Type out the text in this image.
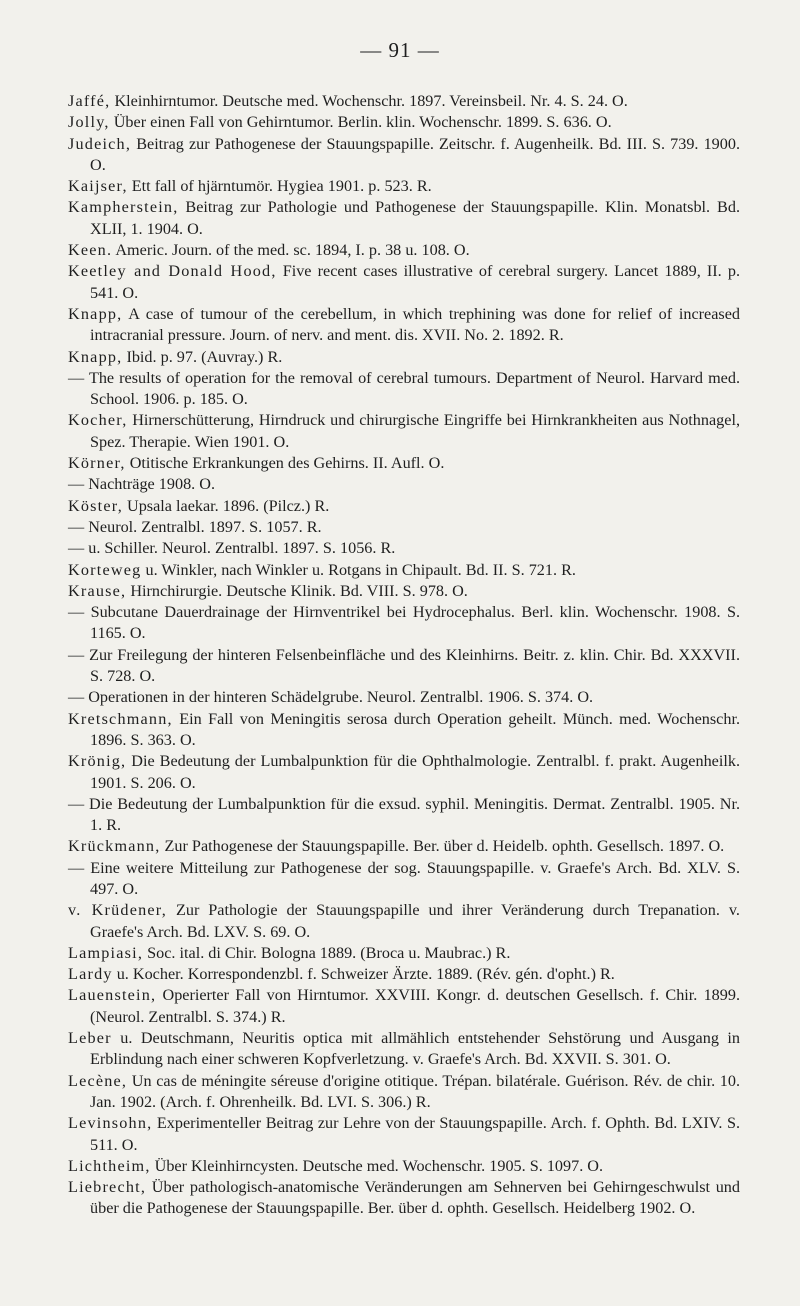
— 91 —

Jaffé, Kleinhirntumor. Deutsche med. Wochenschr. 1897. Vereinsbeil. Nr. 4. S. 24. O.

Jolly, Über einen Fall von Gehirntumor. Berlin. klin. Wochenschr. 1899. S. 636. O.

Judeich, Beitrag zur Pathogenese der Stauungspapille. Zeitschr. f. Augenheilk. Bd. III. S. 739. 1900. O.

Kaijser, Ett fall of hjärntumör. Hygiea 1901. p. 523. R.

Kampherstein, Beitrag zur Pathologie und Pathogenese der Stauungspapille. Klin. Monatsbl. Bd. XLII, 1. 1904. O.

Keen. Americ. Journ. of the med. sc. 1894, I. p. 38 u. 108. O.

Keetley and Donald Hood, Five recent cases illustrative of cerebral surgery. Lancet 1889, II. p. 541. O.

Knapp, A case of tumour of the cerebellum, in which trephining was done for relief of increased intracranial pressure. Journ. of nerv. and ment. dis. XVII. No. 2. 1892. R.

Knapp, Ibid. p. 97. (Auvray.) R.

— The results of operation for the removal of cerebral tumours. Department of Neurol. Harvard med. School. 1906. p. 185. O.

Kocher, Hirnerschütterung, Hirndruck und chirurgische Eingriffe bei Hirnkrankheiten aus Nothnagel, Spez. Therapie. Wien 1901. O.

Körner, Otitische Erkrankungen des Gehirns. II. Aufl. O.

— Nachträge 1908. O.

Köster, Upsala laekar. 1896. (Pilcz.) R.

— Neurol. Zentralbl. 1897. S. 1057. R.

— u. Schiller. Neurol. Zentralbl. 1897. S. 1056. R.

Korteweg u. Winkler, nach Winkler u. Rotgans in Chipault. Bd. II. S. 721. R.

Krause, Hirnchirurgie. Deutsche Klinik. Bd. VIII. S. 978. O.

— Subcutane Dauerdrainage der Hirnventrikel bei Hydrocephalus. Berl. klin. Wochenschr. 1908. S. 1165. O.

— Zur Freilegung der hinteren Felsenbeinfläche und des Kleinhirns. Beitr. z. klin. Chir. Bd. XXXVII. S. 728. O.

— Operationen in der hinteren Schädelgrube. Neurol. Zentralbl. 1906. S. 374. O.

Kretschmann, Ein Fall von Meningitis serosa durch Operation geheilt. Münch. med. Wochenschr. 1896. S. 363. O.

Krönig, Die Bedeutung der Lumbalpunktion für die Ophthalmologie. Zentralbl. f. prakt. Augenheilk. 1901. S. 206. O.

— Die Bedeutung der Lumbalpunktion für die exsud. syphil. Meningitis. Dermat. Zentralbl. 1905. Nr. 1. R.

Krückmann, Zur Pathogenese der Stauungspapille. Ber. über d. Heidelb. ophth. Gesellsch. 1897. O.

— Eine weitere Mitteilung zur Pathogenese der sog. Stauungspapille. v. Graefe's Arch. Bd. XLV. S. 497. O.

v. Krüdener, Zur Pathologie der Stauungspapille und ihrer Veränderung durch Trepanation. v. Graefe's Arch. Bd. LXV. S. 69. O.

Lampiasi, Soc. ital. di Chir. Bologna 1889. (Broca u. Maubrac.) R.

Lardy u. Kocher. Korrespondenzbl. f. Schweizer Ärzte. 1889. (Rév. gén. d'opht.) R.

Lauenstein, Operierter Fall von Hirntumor. XXVIII. Kongr. d. deutschen Gesellsch. f. Chir. 1899. (Neurol. Zentralbl. S. 374.) R.

Leber u. Deutschmann, Neuritis optica mit allmählich entstehender Sehstörung und Ausgang in Erblindung nach einer schweren Kopfverletzung. v. Graefe's Arch. Bd. XXVII. S. 301. O.

Lecène, Un cas de méningite séreuse d'origine otitique. Trépan. bilatérale. Guérison. Rév. de chir. 10. Jan. 1902. (Arch. f. Ohrenheilk. Bd. LVI. S. 306.) R.

Levinsohn, Experimenteller Beitrag zur Lehre von der Stauungspapille. Arch. f. Ophth. Bd. LXIV. S. 511. O.

Lichtheim, Über Kleinhirncysten. Deutsche med. Wochenschr. 1905. S. 1097. O.

Liebrecht, Über pathologisch-anatomische Veränderungen am Sehnerven bei Gehirngeschwulst und über die Pathogenese der Stauungspapille. Ber. über d. ophth. Gesellsch. Heidelberg 1902. O.
